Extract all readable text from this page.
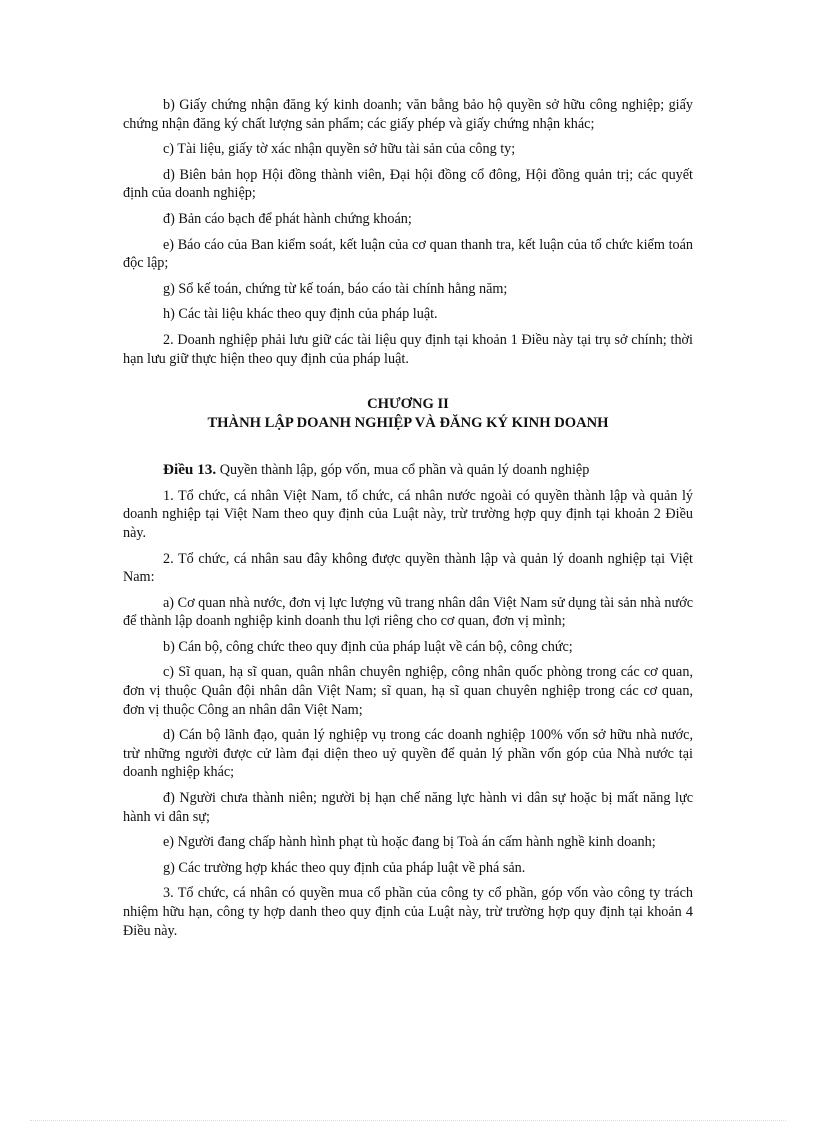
b) Giấy chứng nhận đăng ký kinh doanh; văn bằng bảo hộ quyền sở hữu công nghiệp; giấy chứng nhận đăng ký chất lượng sản phẩm; các giấy phép và giấy chứng nhận khác;

c) Tài liệu, giấy tờ xác nhận quyền sở hữu tài sản của công ty;

d) Biên bản họp Hội đồng thành viên, Đại hội đồng cổ đông, Hội đồng quản trị; các quyết định của doanh nghiệp;

đ) Bản cáo bạch để phát hành chứng khoán;

e) Báo cáo của Ban kiểm soát, kết luận của cơ quan thanh tra, kết luận của tổ chức kiểm toán độc lập;

g) Sổ kế toán, chứng từ kế toán, báo cáo tài chính hằng năm;

h) Các tài liệu khác theo quy định của pháp luật.

2. Doanh nghiệp phải lưu giữ các tài liệu quy định tại khoản 1 Điều này tại trụ sở chính; thời hạn lưu giữ thực hiện theo quy định của pháp luật.

CHƯƠNG II
THÀNH LẬP DOANH NGHIỆP VÀ ĐĂNG KÝ KINH DOANH

Điều 13. Quyền thành lập, góp vốn, mua cổ phần và quản lý doanh nghiệp

1. Tổ chức, cá nhân Việt Nam, tổ chức, cá nhân nước ngoài có quyền thành lập và quản lý doanh nghiệp tại Việt Nam theo quy định của Luật này, trừ trường hợp quy định tại khoản 2 Điều này.

2. Tổ chức, cá nhân sau đây không được quyền thành lập và quản lý doanh nghiệp tại Việt Nam:

a) Cơ quan nhà nước, đơn vị lực lượng vũ trang nhân dân Việt Nam sử dụng tài sản nhà nước để thành lập doanh nghiệp kinh doanh thu lợi riêng cho cơ quan, đơn vị mình;

b) Cán bộ, công chức theo quy định của pháp luật về cán bộ, công chức;

c) Sĩ quan, hạ sĩ quan, quân nhân chuyên nghiệp, công nhân quốc phòng trong các cơ quan, đơn vị thuộc Quân đội nhân dân Việt Nam; sĩ quan, hạ sĩ quan chuyên nghiệp trong các cơ quan, đơn vị thuộc Công an nhân dân Việt Nam;

d) Cán bộ lãnh đạo, quản lý nghiệp vụ trong các doanh nghiệp 100% vốn sở hữu nhà nước, trừ những người được cử làm đại diện theo uỷ quyền để quản lý phần vốn góp của Nhà nước tại doanh nghiệp khác;

đ) Người chưa thành niên; người bị hạn chế năng lực hành vi dân sự hoặc bị mất năng lực hành vi dân sự;

e) Người đang chấp hành hình phạt tù hoặc đang bị Toà án cấm hành nghề kinh doanh;

g) Các trường hợp khác theo quy định của pháp luật về phá sản.

3. Tổ chức, cá nhân có quyền mua cổ phần của công ty cổ phần, góp vốn vào công ty trách nhiệm hữu hạn, công ty hợp danh theo quy định của Luật này, trừ trường hợp quy định tại khoản 4 Điều này.
